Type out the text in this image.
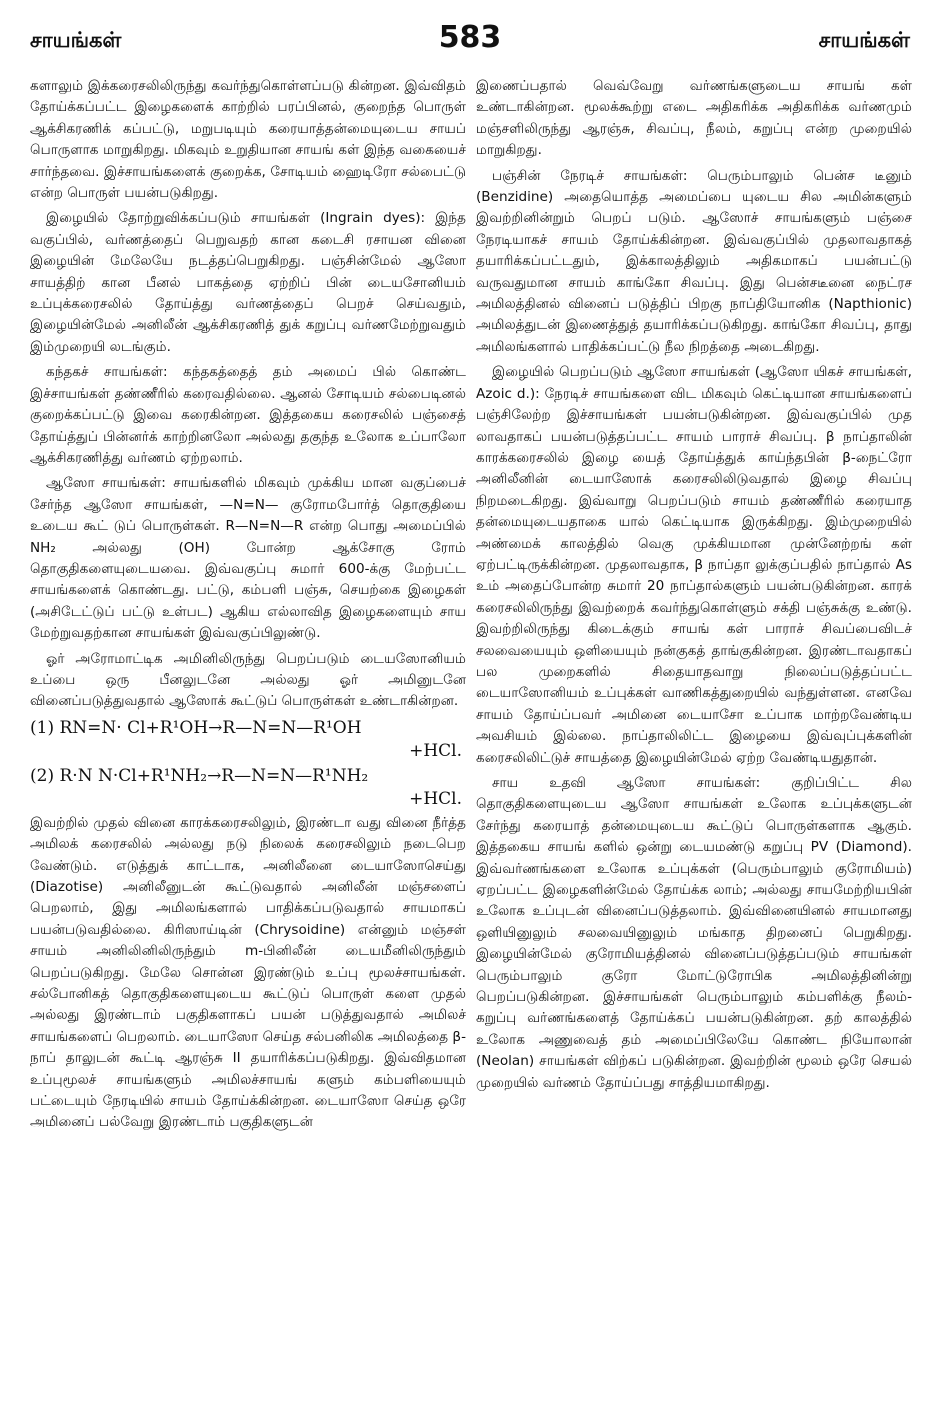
சாயங்கள்	583	சாயங்கள்

களாலும் இக்கரைசலிலிருந்து கவர்ந்துகொள்ளப்படு கின்றன. இவ்விதம் தோய்க்கப்பட்ட இழைகளைக் காற்றில் பரப்பினல், குறைந்த பொருள் ஆக்சிகரணிக் கப்பட்டு, மறுபடியும் கரையாத்தன்மையுடைய சாயப் பொருளாக மாறுகிறது. மிகவும் உறுதியான சாயங் கள் இந்த வகையைச் சார்ந்தவை. இச்சாயங்களைக் குறைக்க, சோடியம் ஹைடிரோ சல்பைட்டு என்ற பொருள் பயன்படுகிறது.

இழையில் தோற்றுவிக்கப்படும் சாயங்கள் (Ingrain dyes): இந்த வகுப்பில், வர்ணத்தைப் பெறுவதற் கான கடைசி ரசாயன வினை இழையின் மேலேயே நடத்தப்பெறுகிறது. பஞ்சின்மேல் ஆஸோ சாயத்திற் கான பீனல் பாகத்தை ஏற்றிப் பின் டையசோனியம் உப்புக்கரைசலில் தோய்த்து வர்ணத்தைப் பெறச் செய்வதும், இழையின்மேல் அனிலீன் ஆக்சிகரணித் துக் கறுப்பு வர்ணமேற்றுவதும் இம்முறையி லடங்கும்.

கந்தகச் சாயங்கள்: கந்தகத்தைத் தம் அமைப் பில் கொண்ட இச்சாயங்கள் தண்ணீரில் கரைவதில்லை. ஆனல் சோடியம் சல்பைடினல் குறைக்கப்பட்டு இவை கரைகின்றன. இத்தகைய கரைசலில் பஞ்சைத் தோய்த்துப் பின்னர்க் காற்றினலோ அல்லது தகுந்த உலோக உப்பாலோ ஆக்சிகரணித்து வர்ணம் ஏற்றலாம்.

ஆஸோ சாயங்கள்: சாயங்களில் மிகவும் முக்கிய மான வகுப்பைச் சேர்ந்த ஆஸோ சாயங்கள், —N=N— குரோமபோர்த் தொகுதியை உடைய கூட் டுப் பொருள்கள். R—N=N—R என்ற பொது அமைப்பில் NH₂ அல்லது (OH) போன்ற ஆக்சோகு ரோம் தொகுதிகளையுடையவை. இவ்வகுப்பு சுமார் 600-க்கு மேற்பட்ட சாயங்களைக் கொண்டது. பட்டு, கம்பளி பஞ்சு, செயற்கை இழைகள் (அசிடேட்டுப் பட்டு உள்பட) ஆகிய எல்லாவித இழைகளையும் சாய மேற்றுவதற்கான சாயங்கள் இவ்வகுப்பிலுண்டு.

ஓர் அரோமாட்டிக அமினிலிருந்து பெறப்படும் டையஸோனியம் உப்பை ஒரு பீனலுடனே அல்லது ஓர் அமினுடனே வினைப்படுத்துவதால் ஆஸோக் கூட்டுப் பொருள்கள் உண்டாகின்றன.

(1) RN=N· Cl+R¹OH→R—N=N—R¹OH
+HCl.
(2) R·N N·Cl+R¹NH₂→R—N=N—R¹NH₂
+HCl.

இவற்றில் முதல் வினை காரக்கரைசலிலும், இரண்டா வது வினை நீர்த்த அமிலக் கரைசலில் அல்லது நடு நிலைக் கரைசலிலும் நடைபெற வேண்டும். எடுத்துக் காட்டாக, அனிலீனை டையாஸோசெய்து (Diazotise) அனிலீனுடன் கூட்டுவதால் அனிலீன் மஞ்சளைப் பெறலாம், இது அமிலங்களால் பாதிக்கப்படுவதால் சாயமாகப் பயன்படுவதில்லை. கிரிஸாய்டின் (Chrysoidine) என்னும் மஞ்சள் சாயம் அனிலினிலிருந்தும் m-பினிலீன் டையமீனிலிருந்தும் பெறப்படுகிறது. மேலே சொன்ன இரண்டும் உப்பு மூலச்சாயங்கள். சல்போனிகத் தொகுதிகளையுடைய கூட்டுப் பொருள் களை முதல் அல்லது இரண்டாம் பகுதிகளாகப் பயன் படுத்துவதால் அமிலச் சாயங்களைப் பெறலாம். டையாஸோ செய்த சல்பனிலிக அமிலத்தை β-நாப் தாலுடன் கூட்டி ஆரஞ்சு II தயாரிக்கப்படுகிறது. இவ்விதமான உப்புமூலச் சாயங்களும் அமிலச்சாயங் களும் கம்பளியையும் பட்டையும் நேரடியில் சாயம் தோய்க்கின்றன. டையாஸோ செய்த ஒரே அமினைப் பல்வேறு இரண்டாம் பகுதிகளுடன்

இணைப்பதால் வெவ்வேறு வர்ணங்களுடைய சாயங் கள் உண்டாகின்றன. மூலக்கூற்று எடை அதிகரிக்க அதிகரிக்க வர்ணமும் மஞ்சளிலிருந்து ஆரஞ்சு, சிவப்பு, நீலம், கறுப்பு என்ற முறையில் மாறுகிறது.

பஞ்சின் நேரடிச் சாயங்கள்: பெரும்பாலும் பென்ச டீனும் (Benzidine) அதையொத்த அமைப்பை யுடைய சில அமின்களும் இவற்றினின்றும் பெறப் படும். ஆஸோச் சாயங்களும் பஞ்சை நேரடியாகச் சாயம் தோய்க்கின்றன. இவ்வகுப்பில் முதலாவதாகத் தயாரிக்கப்பட்டதும், இக்காலத்திலும் அதிகமாகப் பயன்பட்டு வருவதுமான சாயம் காங்கோ சிவப்பு. இது பென்சடீனை நைட்ரச அமிலத்தினல் வினைப் படுத்திப் பிறகு நாப்தியோனிக (Napthionic) அமிலத்துடன் இணைத்துத் தயாரிக்கப்படுகிறது. காங்கோ சிவப்பு, தாது அமிலங்களால் பாதிக்கப்பட்டு நீல நிறத்தை அடைகிறது.

இழையில் பெறப்படும் ஆஸோ சாயங்கள் (ஆஸோ யிகச் சாயங்கள், Azoic d.): நேரடிச் சாயங்களை விட மிகவும் கெட்டியான சாயங்களைப் பஞ்சிலேற்ற இச்சாயங்கள் பயன்படுகின்றன. இவ்வகுப்பில் முத லாவதாகப் பயன்படுத்தப்பட்ட சாயம் பாராச் சிவப்பு. β நாப்தாலின் காரக்கரைசலில் இழை யைத் தோய்த்துக் காய்ந்தபின் β-நைட்ரோ அனிலீனின் டையாஸோக் கரைசலிலிடுவதால் இழை சிவப்பு நிறமடைகிறது. இவ்வாறு பெறப்படும் சாயம் தண்ணீரில் கரையாத தன்மையுடையதாகை யால் கெட்டியாக இருக்கிறது. இம்முறையில் அண்மைக் காலத்தில் வெகு முக்கியமான முன்னேற்றங் கள் ஏற்பட்டிருக்கின்றன. முதலாவதாக, β நாப்தா லுக்குப்பதில் நாப்தால் As உம் அதைப்போன்ற சுமார் 20 நாப்தால்களும் பயன்படுகின்றன. காரக் கரைசலிலிருந்து இவற்றைக் கவர்ந்துகொள்ளும் சக்தி பஞ்சுக்கு உண்டு. இவற்றிலிருந்து கிடைக்கும் சாயங் கள் பாராச் சிவப்பைவிடச் சலவையையும் ஒளியையும் நன்குகத் தாங்குகின்றன. இரண்டாவதாகப் பல முறைகளில் சிதையாதவாறு நிலைப்படுத்தப்பட்ட டையாஸோனியம் உப்புக்கள் வாணிகத்துறையில் வந்துள்ளன. எனவே சாயம் தோய்ப்பவர் அமினை டையாசோ உப்பாக மாற்றவேண்டிய அவசியம் இல்லை. நாப்தாலிலிட்ட இழையை இவ்வுப்புக்களின் கரைசலிலிட்டுச் சாயத்தை இழையின்மேல் ஏற்ற வேண்டியதுதான்.

சாய உதவி ஆஸோ சாயங்கள்: குறிப்பிட்ட சில தொகுதிகளையுடைய ஆஸோ சாயங்கள் உலோக உப்புக்களுடன் சேர்ந்து கரையாத் தன்மையுடைய கூட்டுப் பொருள்களாக ஆகும். இத்தகைய சாயங் களில் ஒன்று டையமண்டு கறுப்பு PV (Diamond). இவ்வர்ணங்களை உலோக உப்புக்கள் (பெரும்பாலும் குரோமியம்) ஏறப்பட்ட இழைகளின்மேல் தோய்க்க லாம்; அல்லது சாயமேற்றியபின் உலோக உப்புடன் வினைப்படுத்தலாம். இவ்வினையினல் சாயமானது ஒளியினுலும் சலவையினுலும் மங்காத திறனைப் பெறுகிறது. இழையின்மேல் குரோமியத்தினல் வினைப்படுத்தப்படும் சாயங்கள் பெரும்பாலும் குரோ மோட்டுரோபிக அமிலத்தினின்று பெறப்படுகின்றன. இச்சாயங்கள் பெரும்பாலும் கம்பளிக்கு நீலம்-கறுப்பு வர்ணங்களைத் தோய்க்கப் பயன்படுகின்றன. தற் காலத்தில் உலோக அணுவைத் தம் அமைப்பிலேயே கொண்ட நியோலான் (Neolan) சாயங்கள் விற்கப் படுகின்றன. இவற்றின் மூலம் ஒரே செயல் முறையில் வர்ணம் தோய்ப்பது சாத்தியமாகிறது.
